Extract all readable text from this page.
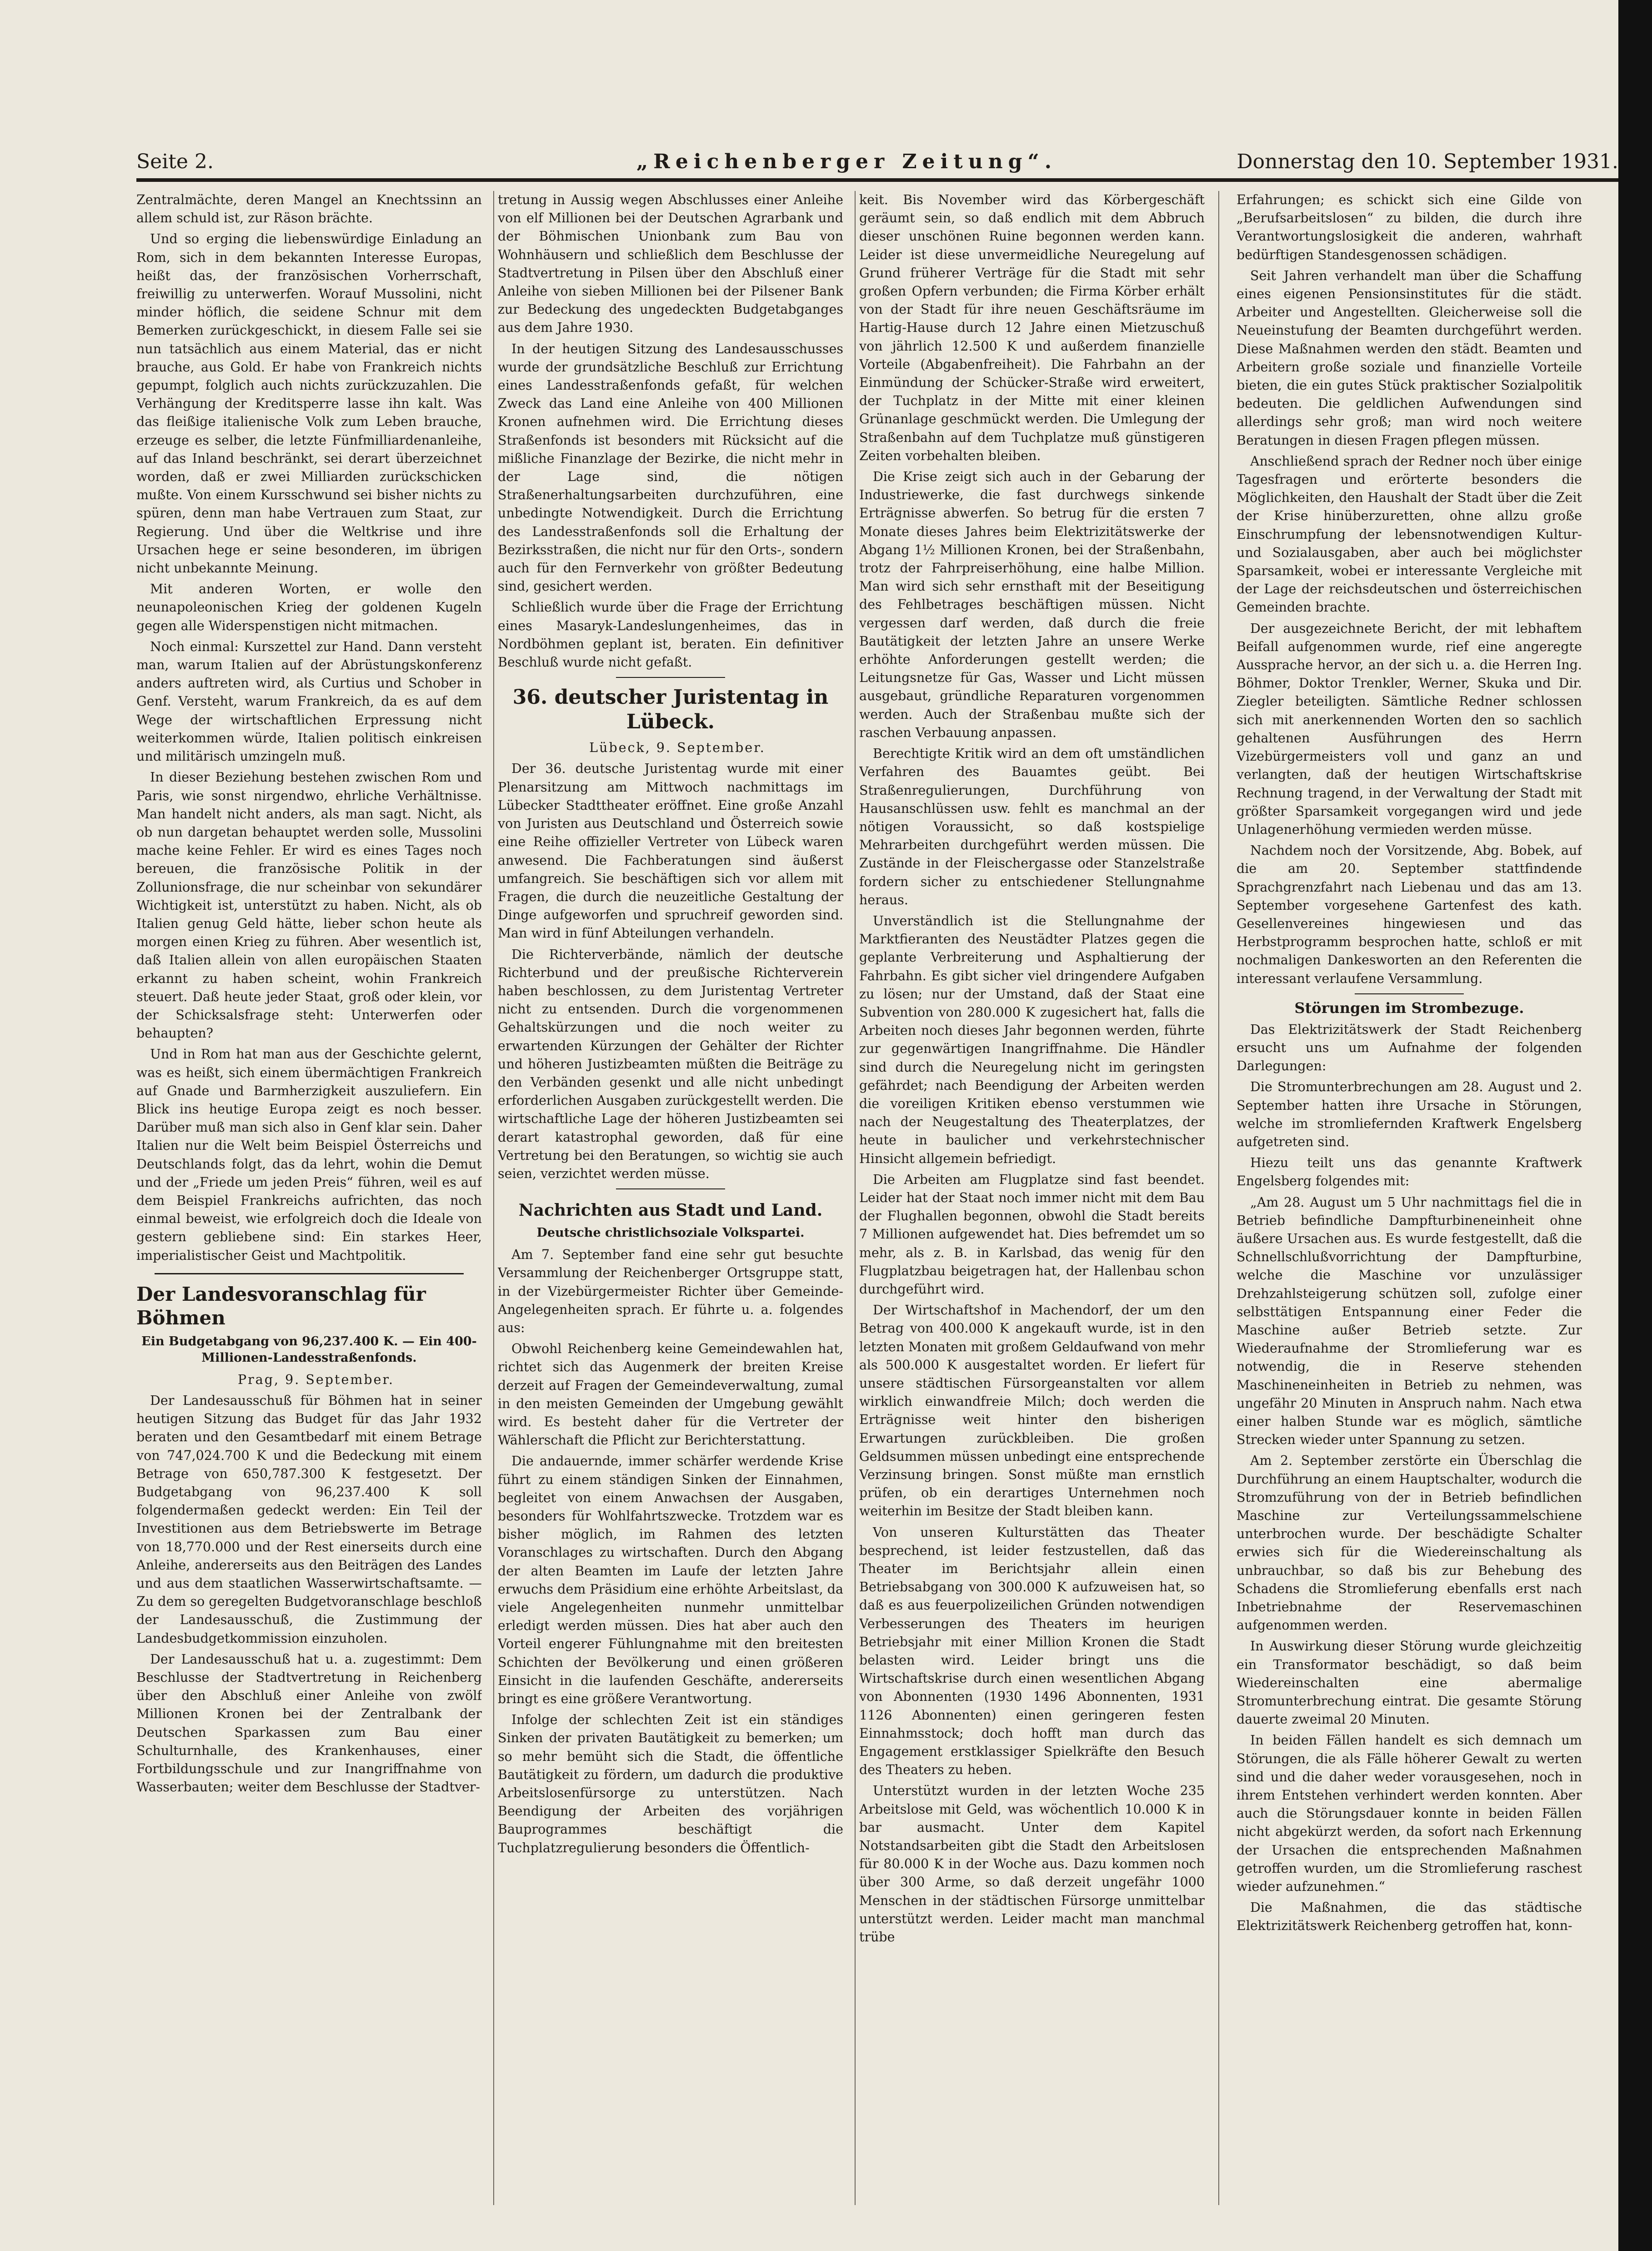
Seite 2.	„Reichenberger Zeitung“.	Donnerstag den 10. September 1931.

Zentralmächte, deren Mangel an Knechtssinn an allem schuld ist, zur Räson brächte.

Und so erging die liebenswürdige Einladung an Rom, sich in dem bekannten Interesse Europas, heißt das, der französischen Vorherrschaft, freiwillig zu unterwerfen. Worauf Mussolini, nicht minder höflich, die seidene Schnur mit dem Bemerken zurückgeschickt, in diesem Falle sei sie nun tatsächlich aus einem Material, das er nicht brauche, aus Gold. Er habe von Frankreich nichts gepumpt, folglich auch nichts zurückzuzahlen. Die Verhängung der Kreditsperre lasse ihn kalt. Was das fleißige italienische Volk zum Leben brauche, erzeuge es selber, die letzte Fünfmilliardenanleihe, auf das Inland beschränkt, sei derart überzeichnet worden, daß er zwei Milliarden zurückschicken mußte. Von einem Kursschwund sei bisher nichts zu spüren, denn man habe Vertrauen zum Staat, zur Regierung. Und über die Weltkrise und ihre Ursachen hege er seine besonderen, im übrigen nicht unbekannte Meinung.

Mit anderen Worten, er wolle den neunapoleonischen Krieg der goldenen Kugeln gegen alle Widerspenstigen nicht mitmachen.

Noch einmal: Kurszettel zur Hand. Dann versteht man, warum Italien auf der Abrüstungskonferenz anders auftreten wird, als Curtius und Schober in Genf. Versteht, warum Frankreich, da es auf dem Wege der wirtschaftlichen Erpressung nicht weiterkommen würde, Italien politisch einkreisen und militärisch umzingeln muß.

In dieser Beziehung bestehen zwischen Rom und Paris, wie sonst nirgendwo, ehrliche Verhältnisse. Man handelt nicht anders, als man sagt. Nicht, als ob nun dargetan behauptet werden solle, Mussolini mache keine Fehler. Er wird es eines Tages noch bereuen, die französische Politik in der Zollunionsfrage, die nur scheinbar von sekundärer Wichtigkeit ist, unterstützt zu haben. Nicht, als ob Italien genug Geld hätte, lieber schon heute als morgen einen Krieg zu führen. Aber wesentlich ist, daß Italien allein von allen europäischen Staaten erkannt zu haben scheint, wohin Frankreich steuert. Daß heute jeder Staat, groß oder klein, vor der Schicksalsfrage steht: Unterwerfen oder behaupten?

Und in Rom hat man aus der Geschichte gelernt, was es heißt, sich einem übermächtigen Frankreich auf Gnade und Barmherzigkeit auszuliefern. Ein Blick ins heutige Europa zeigt es noch besser. Darüber muß man sich also in Genf klar sein. Daher Italien nur die Welt beim Beispiel Österreichs und Deutschlands folgt, das da lehrt, wohin die Demut und der „Friede um jeden Preis“ führen, weil es auf dem Beispiel Frankreichs aufrichten, das noch einmal beweist, wie erfolgreich doch die Ideale von gestern gebliebene sind: Ein starkes Heer, imperialistischer Geist und Machtpolitik.

Der Landesvoranschlag für Böhmen
Ein Budgetabgang von 96,237.400 K. — Ein 400-Millionen-Landesstraßenfonds.

Prag, 9. September.

Der Landesausschuß für Böhmen hat in seiner heutigen Sitzung das Budget für das Jahr 1932 beraten und den Gesamtbedarf mit einem Betrage von 747,024.700 K und die Bedeckung mit einem Betrage von 650,787.300 K festgesetzt. Der Budgetabgang von 96,237.400 K soll folgendermaßen gedeckt werden: Ein Teil der Investitionen aus dem Betriebswerte im Betrage von 18,770.000 und der Rest einerseits durch eine Anleihe, andererseits aus den Beiträgen des Landes und aus dem staatlichen Wasserwirtschaftsamte. — Zu dem so geregelten Budgetvoranschlage beschloß der Landesausschuß, die Zustimmung der Landesbudgetkommission einzuholen.

Der Landesausschuß hat u. a. zugestimmt: Dem Beschlusse der Stadtvertretung in Reichenberg über den Abschluß einer Anleihe von zwölf Millionen Kronen bei der Zentralbank der Deutschen Sparkassen zum Bau einer Schulturnhalle, des Krankenhauses, einer Fortbildungsschule und zur Inangriffnahme von Wasserbauten; weiter dem Beschlusse der Stadtver-

tretung in Aussig wegen Abschlusses einer Anleihe von elf Millionen bei der Deutschen Agrarbank und der Böhmischen Unionbank zum Bau von Wohnhäusern und schließlich dem Beschlusse der Stadtvertretung in Pilsen über den Abschluß einer Anleihe von sieben Millionen bei der Pilsener Bank zur Bedeckung des ungedeckten Budgetabganges aus dem Jahre 1930.

In der heutigen Sitzung des Landesausschusses wurde der grundsätzliche Beschluß zur Errichtung eines Landesstraßenfonds gefaßt, für welchen Zweck das Land eine Anleihe von 400 Millionen Kronen aufnehmen wird. Die Errichtung dieses Straßenfonds ist besonders mit Rücksicht auf die mißliche Finanzlage der Bezirke, die nicht mehr in der Lage sind, die nötigen Straßenerhaltungsarbeiten durchzuführen, eine unbedingte Notwendigkeit. Durch die Errichtung des Landesstraßenfonds soll die Erhaltung der Bezirksstraßen, die nicht nur für den Orts-, sondern auch für den Fernverkehr von größter Bedeutung sind, gesichert werden.

Schließlich wurde über die Frage der Errichtung eines Masaryk-Landeslungenheimes, das in Nordböhmen geplant ist, beraten. Ein definitiver Beschluß wurde nicht gefaßt.

36. deutscher Juristentag in Lübeck.

Lübeck, 9. September.

Der 36. deutsche Juristentag wurde mit einer Plenarsitzung am Mittwoch nachmittags im Lübecker Stadttheater eröffnet. Eine große Anzahl von Juristen aus Deutschland und Österreich sowie eine Reihe offizieller Vertreter von Lübeck waren anwesend. Die Fachberatungen sind äußerst umfangreich. Sie beschäftigen sich vor allem mit Fragen, die durch die neuzeitliche Gestaltung der Dinge aufgeworfen und spruchreif geworden sind. Man wird in fünf Abteilungen verhandeln.

Die Richterverbände, nämlich der deutsche Richterbund und der preußische Richterverein haben beschlossen, zu dem Juristentag Vertreter nicht zu entsenden. Durch die vorgenommenen Gehaltskürzungen und die noch weiter zu erwartenden Kürzungen der Gehälter der Richter und höheren Justizbeamten müßten die Beiträge zu den Verbänden gesenkt und alle nicht unbedingt erforderlichen Ausgaben zurückgestellt werden. Die wirtschaftliche Lage der höheren Justizbeamten sei derart katastrophal geworden, daß für eine Vertretung bei den Beratungen, so wichtig sie auch seien, verzichtet werden müsse.

Nachrichten aus Stadt und Land.
Deutsche christlichsoziale Volkspartei.

Am 7. September fand eine sehr gut besuchte Versammlung der Reichenberger Ortsgruppe statt, in der Vizebürgermeister Richter über Gemeinde-Angelegenheiten sprach. Er führte u. a. folgendes aus:

Obwohl Reichenberg keine Gemeindewahlen hat, richtet sich das Augenmerk der breiten Kreise derzeit auf Fragen der Gemeindeverwaltung, zumal in den meisten Gemeinden der Umgebung gewählt wird. Es besteht daher für die Vertreter der Wählerschaft die Pflicht zur Berichterstattung.

Die andauernde, immer schärfer werdende Krise führt zu einem ständigen Sinken der Einnahmen, begleitet von einem Anwachsen der Ausgaben, besonders für Wohlfahrtszwecke. Trotzdem war es bisher möglich, im Rahmen des letzten Voranschlages zu wirtschaften. Durch den Abgang der alten Beamten im Laufe der letzten Jahre erwuchs dem Präsidium eine erhöhte Arbeitslast, da viele Angelegenheiten nunmehr unmittelbar erledigt werden müssen. Dies hat aber auch den Vorteil engerer Fühlungnahme mit den breitesten Schichten der Bevölkerung und einen größeren Einsicht in die laufenden Geschäfte, andererseits bringt es eine größere Verantwortung.

Infolge der schlechten Zeit ist ein ständiges Sinken der privaten Bautätigkeit zu bemerken; um so mehr bemüht sich die Stadt, die öffentliche Bautätigkeit zu fördern, um dadurch die produktive Arbeitslosenfürsorge zu unterstützen. Nach Beendigung der Arbeiten des vorjährigen Bauprogrammes beschäftigt die Tuchplatzregulierung besonders die Öffentlich-

keit. Bis November wird das Körbergeschäft geräumt sein, so daß endlich mit dem Abbruch dieser unschönen Ruine begonnen werden kann. Leider ist diese unvermeidliche Neuregelung auf Grund früherer Verträge für die Stadt mit sehr großen Opfern verbunden; die Firma Körber erhält von der Stadt für ihre neuen Geschäftsräume im Hartig-Hause durch 12 Jahre einen Mietzuschuß von jährlich 12.500 K und außerdem finanzielle Vorteile (Abgabenfreiheit). Die Fahrbahn an der Einmündung der Schücker-Straße wird erweitert, der Tuchplatz in der Mitte mit einer kleinen Grünanlage geschmückt werden. Die Umlegung der Straßenbahn auf dem Tuchplatze muß günstigeren Zeiten vorbehalten bleiben.

Die Krise zeigt sich auch in der Gebarung der Industriewerke, die fast durchwegs sinkende Erträgnisse abwerfen. So betrug für die ersten 7 Monate dieses Jahres beim Elektrizitätswerke der Abgang 1½ Millionen Kronen, bei der Straßenbahn, trotz der Fahrpreiserhöhung, eine halbe Million. Man wird sich sehr ernsthaft mit der Beseitigung des Fehlbetrages beschäftigen müssen. Nicht vergessen darf werden, daß durch die freie Bautätigkeit der letzten Jahre an unsere Werke erhöhte Anforderungen gestellt werden; die Leitungsnetze für Gas, Wasser und Licht müssen ausgebaut, gründliche Reparaturen vorgenommen werden. Auch der Straßenbau mußte sich der raschen Verbauung anpassen.

Berechtigte Kritik wird an dem oft umständlichen Verfahren des Bauamtes geübt. Bei Straßenregulierungen, Durchführung von Hausanschlüssen usw. fehlt es manchmal an der nötigen Voraussicht, so daß kostspielige Mehrarbeiten durchgeführt werden müssen. Die Zustände in der Fleischergasse oder Stanzelstraße fordern sicher zu entschiedener Stellungnahme heraus.

Unverständlich ist die Stellungnahme der Marktfieranten des Neustädter Platzes gegen die geplante Verbreiterung und Asphaltierung der Fahrbahn. Es gibt sicher viel dringendere Aufgaben zu lösen; nur der Umstand, daß der Staat eine Subvention von 280.000 K zugesichert hat, falls die Arbeiten noch dieses Jahr begonnen werden, führte zur gegenwärtigen Inangriffnahme. Die Händler sind durch die Neuregelung nicht im geringsten gefährdet; nach Beendigung der Arbeiten werden die voreiligen Kritiken ebenso verstummen wie nach der Neugestaltung des Theaterplatzes, der heute in baulicher und verkehrstechnischer Hinsicht allgemein befriedigt.

Die Arbeiten am Flugplatze sind fast beendet. Leider hat der Staat noch immer nicht mit dem Bau der Flughallen begonnen, obwohl die Stadt bereits 7 Millionen aufgewendet hat. Dies befremdet um so mehr, als z. B. in Karlsbad, das wenig für den Flugplatzbau beigetragen hat, der Hallenbau schon durchgeführt wird.

Der Wirtschaftshof in Machendorf, der um den Betrag von 400.000 K angekauft wurde, ist in den letzten Monaten mit großem Geldaufwand von mehr als 500.000 K ausgestaltet worden. Er liefert für unsere städtischen Fürsorgeanstalten vor allem wirklich einwandfreie Milch; doch werden die Erträgnisse weit hinter den bisherigen Erwartungen zurückbleiben. Die großen Geldsummen müssen unbedingt eine entsprechende Verzinsung bringen. Sonst müßte man ernstlich prüfen, ob ein derartiges Unternehmen noch weiterhin im Besitze der Stadt bleiben kann.

Von unseren Kulturstätten das Theater besprechend, ist leider festzustellen, daß das Theater im Berichtsjahr allein einen Betriebsabgang von 300.000 K aufzuweisen hat, so daß es aus feuerpolizeilichen Gründen notwendigen Verbesserungen des Theaters im heurigen Betriebsjahr mit einer Million Kronen die Stadt belasten wird. Leider bringt uns die Wirtschaftskrise durch einen wesentlichen Abgang von Abonnenten (1930 1496 Abonnenten, 1931 1126 Abonnenten) einen geringeren festen Einnahmsstock; doch hofft man durch das Engagement erstklassiger Spielkräfte den Besuch des Theaters zu heben.

Unterstützt wurden in der letzten Woche 235 Arbeitslose mit Geld, was wöchentlich 10.000 K in bar ausmacht. Unter dem Kapitel Notstandsarbeiten gibt die Stadt den Arbeitslosen für 80.000 K in der Woche aus. Dazu kommen noch über 300 Arme, so daß derzeit ungefähr 1000 Menschen in der städtischen Fürsorge unmittelbar unterstützt werden. Leider macht man manchmal trübe

Erfahrungen; es schickt sich eine Gilde von „Berufsarbeitslosen“ zu bilden, die durch ihre Verantwortungslosigkeit die anderen, wahrhaft bedürftigen Standesgenossen schädigen.

Seit Jahren verhandelt man über die Schaffung eines eigenen Pensionsinstitutes für die städt. Arbeiter und Angestellten. Gleicherweise soll die Neueinstufung der Beamten durchgeführt werden. Diese Maßnahmen werden den städt. Beamten und Arbeitern große soziale und finanzielle Vorteile bieten, die ein gutes Stück praktischer Sozialpolitik bedeuten. Die geldlichen Aufwendungen sind allerdings sehr groß; man wird noch weitere Beratungen in diesen Fragen pflegen müssen.

Anschließend sprach der Redner noch über einige Tagesfragen und erörterte besonders die Möglichkeiten, den Haushalt der Stadt über die Zeit der Krise hinüberzuretten, ohne allzu große Einschrumpfung der lebensnotwendigen Kultur- und Sozialausgaben, aber auch bei möglichster Sparsamkeit, wobei er interessante Vergleiche mit der Lage der reichsdeutschen und österreichischen Gemeinden brachte.

Der ausgezeichnete Bericht, der mit lebhaftem Beifall aufgenommen wurde, rief eine angeregte Aussprache hervor, an der sich u. a. die Herren Ing. Böhmer, Doktor Trenkler, Werner, Skuka und Dir. Ziegler beteiligten. Sämtliche Redner schlossen sich mit anerkennenden Worten den so sachlich gehaltenen Ausführungen des Herrn Vizebürgermeisters voll und ganz an und verlangten, daß der heutigen Wirtschaftskrise Rechnung tragend, in der Verwaltung der Stadt mit größter Sparsamkeit vorgegangen wird und jede Unlagenerhöhung vermieden werden müsse.

Nachdem noch der Vorsitzende, Abg. Bobek, auf die am 20. September stattfindende Sprachgrenzfahrt nach Liebenau und das am 13. September vorgesehene Gartenfest des kath. Gesellenvereines hingewiesen und das Herbstprogramm besprochen hatte, schloß er mit nochmaligen Dankesworten an den Referenten die interessant verlaufene Versammlung.

Störungen im Strombezuge.

Das Elektrizitätswerk der Stadt Reichenberg ersucht uns um Aufnahme der folgenden Darlegungen:

Die Stromunterbrechungen am 28. August und 2. September hatten ihre Ursache in Störungen, welche im stromliefernden Kraftwerk Engelsberg aufgetreten sind.

Hiezu teilt uns das genannte Kraftwerk Engelsberg folgendes mit:

„Am 28. August um 5 Uhr nachmittags fiel die in Betrieb befindliche Dampfturbineneinheit ohne äußere Ursachen aus. Es wurde festgestellt, daß die Schnellschlußvorrichtung der Dampfturbine, welche die Maschine vor unzulässiger Drehzahlsteigerung schützen soll, zufolge einer selbsttätigen Entspannung einer Feder die Maschine außer Betrieb setzte. Zur Wiederaufnahme der Stromlieferung war es notwendig, die in Reserve stehenden Maschineneinheiten in Betrieb zu nehmen, was ungefähr 20 Minuten in Anspruch nahm. Nach etwa einer halben Stunde war es möglich, sämtliche Strecken wieder unter Spannung zu setzen.

Am 2. September zerstörte ein Überschlag die Durchführung an einem Hauptschalter, wodurch die Stromzuführung von der in Betrieb befindlichen Maschine zur Verteilungssammelschiene unterbrochen wurde. Der beschädigte Schalter erwies sich für die Wiedereinschaltung als unbrauchbar, so daß bis zur Behebung des Schadens die Stromlieferung ebenfalls erst nach Inbetriebnahme der Reservemaschinen aufgenommen werden.

In Auswirkung dieser Störung wurde gleichzeitig ein Transformator beschädigt, so daß beim Wiedereinschalten eine abermalige Stromunterbrechung eintrat. Die gesamte Störung dauerte zweimal 20 Minuten.

In beiden Fällen handelt es sich demnach um Störungen, die als Fälle höherer Gewalt zu werten sind und die daher weder vorausgesehen, noch in ihrem Entstehen verhindert werden konnten. Aber auch die Störungsdauer konnte in beiden Fällen nicht abgekürzt werden, da sofort nach Erkennung der Ursachen die entsprechenden Maßnahmen getroffen wurden, um die Stromlieferung raschest wieder aufzunehmen.“

Die Maßnahmen, die das städtische Elektrizitätswerk Reichenberg getroffen hat, konn-
